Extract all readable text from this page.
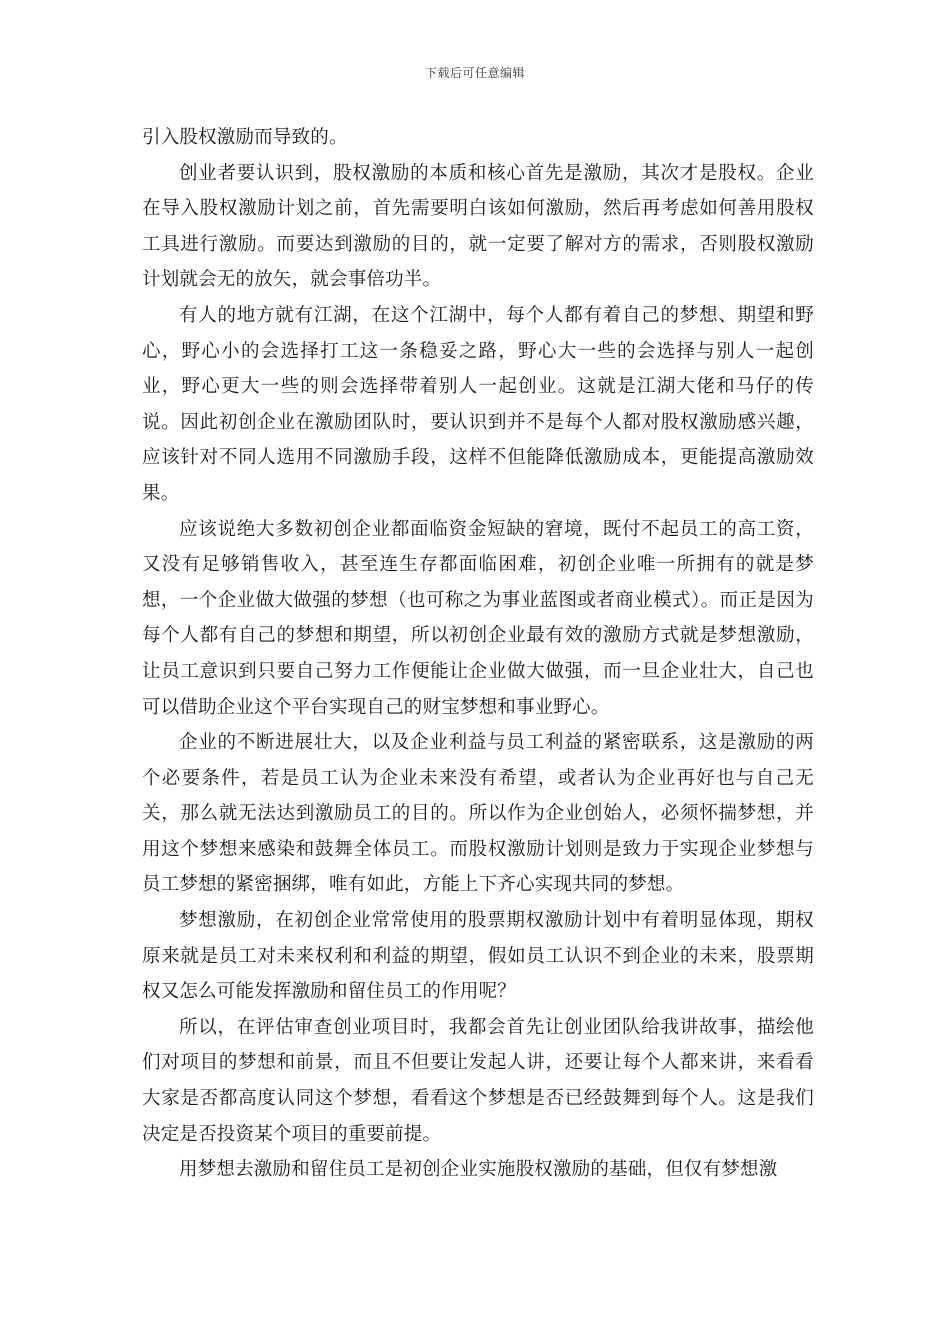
下载后可任意编辑

引入股权激励而导致的。

创业者要认识到，股权激励的本质和核心首先是激励，其次才是股权。企业在导入股权激励计划之前，首先需要明白该如何激励，然后再考虑如何善用股权工具进行激励。而要达到激励的目的，就一定要了解对方的需求，否则股权激励计划就会无的放矢，就会事倍功半。

有人的地方就有江湖，在这个江湖中，每个人都有着自己的梦想、期望和野心，野心小的会选择打工这一条稳妥之路，野心大一些的会选择与别人一起创业，野心更大一些的则会选择带着别人一起创业。这就是江湖大佬和马仔的传说。因此初创企业在激励团队时，要认识到并不是每个人都对股权激励感兴趣，应该针对不同人选用不同激励手段，这样不但能降低激励成本，更能提高激励效果。

应该说绝大多数初创企业都面临资金短缺的窘境，既付不起员工的高工资，又没有足够销售收入，甚至连生存都面临困难，初创企业唯一所拥有的就是梦想，一个企业做大做强的梦想（也可称之为事业蓝图或者商业模式）。而正是因为每个人都有自己的梦想和期望，所以初创企业最有效的激励方式就是梦想激励，让员工意识到只要自己努力工作便能让企业做大做强，而一旦企业壮大，自己也可以借助企业这个平台实现自己的财宝梦想和事业野心。

企业的不断进展壮大，以及企业利益与员工利益的紧密联系，这是激励的两个必要条件，若是员工认为企业未来没有希望，或者认为企业再好也与自己无关，那么就无法达到激励员工的目的。所以作为企业创始人，必须怀揣梦想，并用这个梦想来感染和鼓舞全体员工。而股权激励计划则是致力于实现企业梦想与员工梦想的紧密捆绑，唯有如此，方能上下齐心实现共同的梦想。

梦想激励，在初创企业常常使用的股票期权激励计划中有着明显体现，期权原来就是员工对未来权利和利益的期望，假如员工认识不到企业的未来，股票期权又怎么可能发挥激励和留住员工的作用呢？

所以，在评估审查创业项目时，我都会首先让创业团队给我讲故事，描绘他们对项目的梦想和前景，而且不但要让发起人讲，还要让每个人都来讲，来看看大家是否都高度认同这个梦想，看看这个梦想是否已经鼓舞到每个人。这是我们决定是否投资某个项目的重要前提。

用梦想去激励和留住员工是初创企业实施股权激励的基础，但仅有梦想激
